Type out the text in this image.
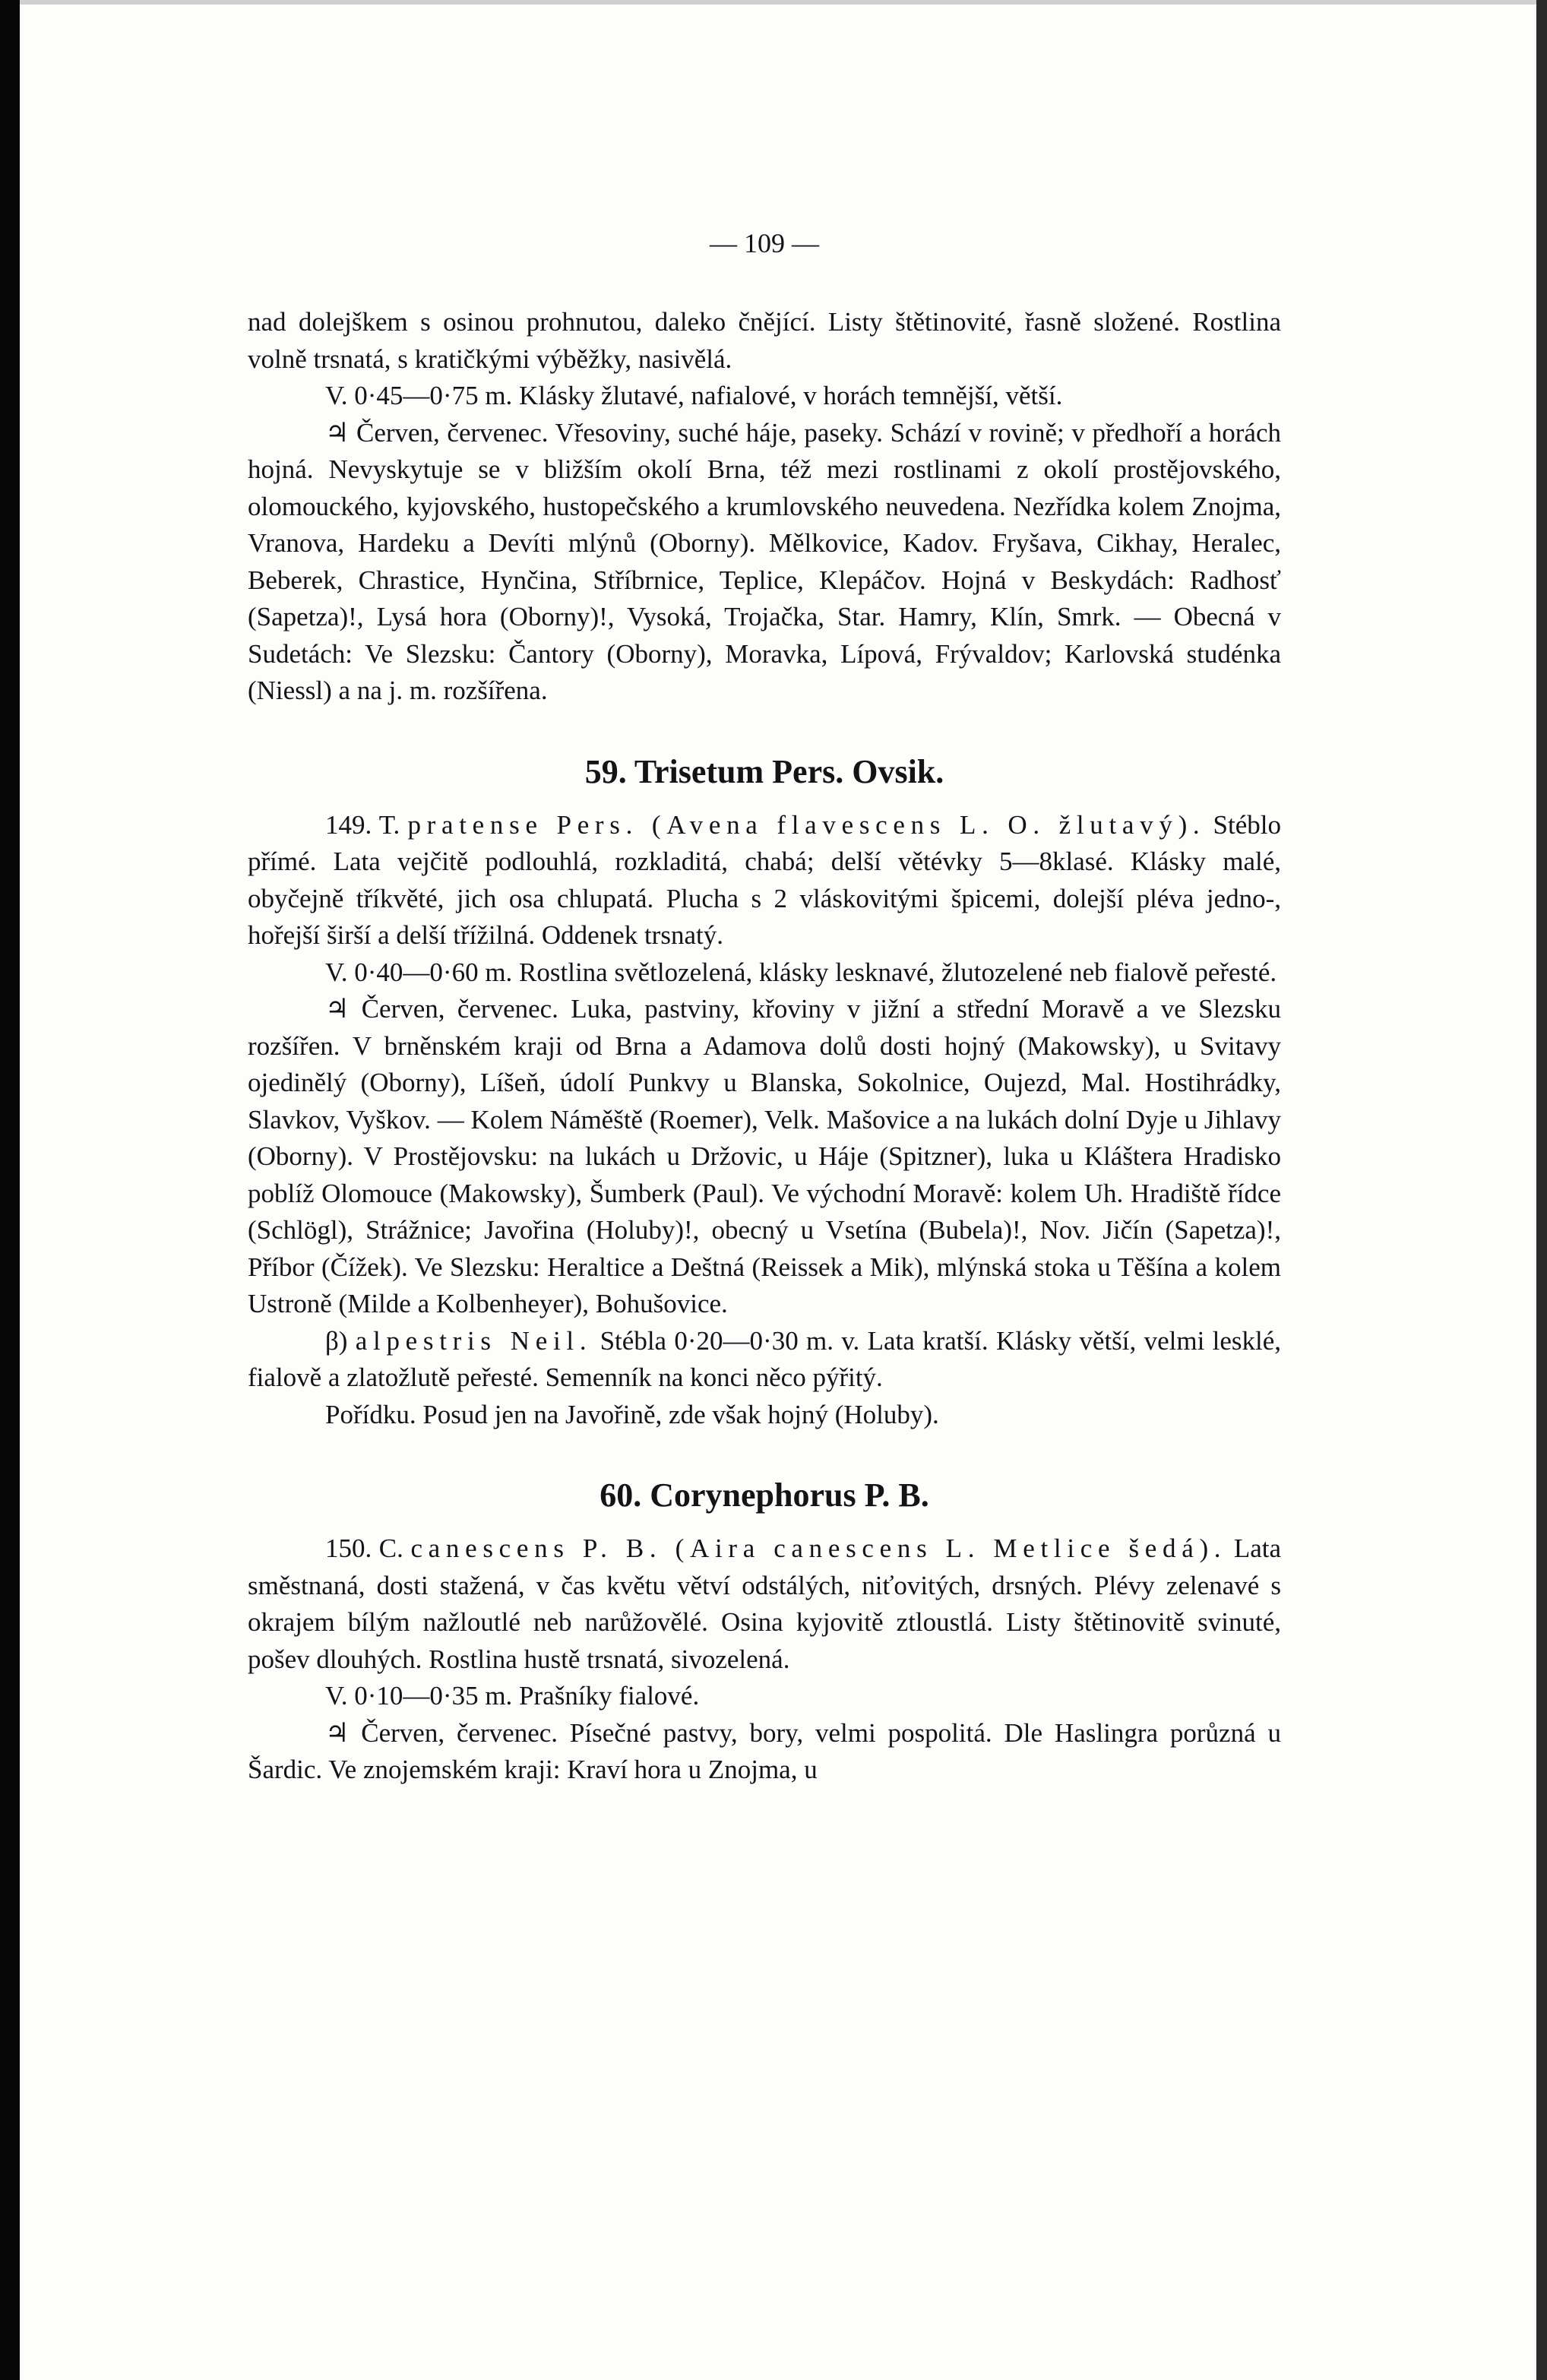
— 109 —

nad dolejškem s osinou prohnutou, daleko čnějící. Listy štětinovité, řasně složené. Rostlina volně trsnatá, s kratičkými výběžky, nasivělá.

V. 0·45—0·75 m. Klásky žlutavé, nafialové, v horách temnější, větší.

♃ Červen, červenec. Vřesoviny, suché háje, paseky. Schází v rovině; v předhoří a horách hojná. Nevyskytuje se v bližším okolí Brna, též mezi rostlinami z okolí prostějovského, olomouckého, kyjovského, hustopečského a krumlovského neuvedena. Nezřídka kolem Znojma, Vranova, Hardeku a Devíti mlýnů (Oborny). Mělkovice, Kadov. Fryšava, Cikhay, Heralec, Beberek, Chrastice, Hynčina, Stříbrnice, Teplice, Klepáčov. Hojná v Beskydách: Radhosť (Sapetza)!, Lysá hora (Oborny)!, Vysoká, Trojačka, Star. Hamry, Klín, Smrk. — Obecná v Sudetách: Ve Slezsku: Čantory (Oborny), Moravka, Lípová, Frývaldov; Karlovská studénka (Niessl) a na j. m. rozšířena.

59. Trisetum Pers. Ovsik.

149. T. pratense Pers. (Avena flavescens L. O. žlutavý). Stéblo přímé. Lata vejčitě podlouhlá, rozkladitá, chabá; delší větévky 5—8klasé. Klásky malé, obyčejně tříkvěté, jich osa chlupatá. Plucha s 2 vláskovitými špicemi, dolejší pléva jedno-, hořejší širší a delší třížilná. Oddenek trsnatý.

V. 0·40—0·60 m. Rostlina světlozelená, klásky lesknavé, žlutozelené neb fialově peřesté.

♃ Červen, červenec. Luka, pastviny, křoviny v jižní a střední Moravě a ve Slezsku rozšířen. V brněnském kraji od Brna a Adamova dolů dosti hojný (Makowsky), u Svitavy ojedinělý (Oborny), Líšeň, údolí Punkvy u Blanska, Sokolnice, Oujezd, Mal. Hostihrádky, Slavkov, Vyškov. — Kolem Náměště (Roemer), Velk. Mašovice a na lukách dolní Dyje u Jihlavy (Oborny). V Prostějovsku: na lukách u Držovic, u Háje (Spitzner), luka u Kláštera Hradisko poblíž Olomouce (Makowsky), Šumberk (Paul). Ve východní Moravě: kolem Uh. Hradiště řídce (Schlögl), Strážnice; Javořina (Holuby)!, obecný u Vsetína (Bubela)!, Nov. Jičín (Sapetza)!, Příbor (Čížek). Ve Slezsku: Heraltice a Deštná (Reissek a Mik), mlýnská stoka u Těšína a kolem Ustroně (Milde a Kolbenheyer), Bohušovice.

β) alpestris Neil. Stébla 0·20—0·30 m. v. Lata kratší. Klásky větší, velmi lesklé, fialově a zlatožlutě peřesté. Semenník na konci něco pýřitý.

Pořídku. Posud jen na Javořině, zde však hojný (Holuby).

60. Corynephorus P. B.

150. C. canescens P. B. (Aira canescens L. Metlice šedá). Lata směstnaná, dosti stažená, v čas květu větví odstálých, niťovitých, drsných. Plévy zelenavé s okrajem bílým nažloutlé neb narůžovělé. Osina kyjovitě ztloustlá. Listy štětinovitě svinuté, pošev dlouhých. Rostlina hustě trsnatá, sivozelená.

V. 0·10—0·35 m. Prašníky fialové.

♃ Červen, červenec. Písečné pastvy, bory, velmi pospolitá. Dle Haslingra porůzná u Šardic. Ve znojemském kraji: Kraví hora u Znojma, u
